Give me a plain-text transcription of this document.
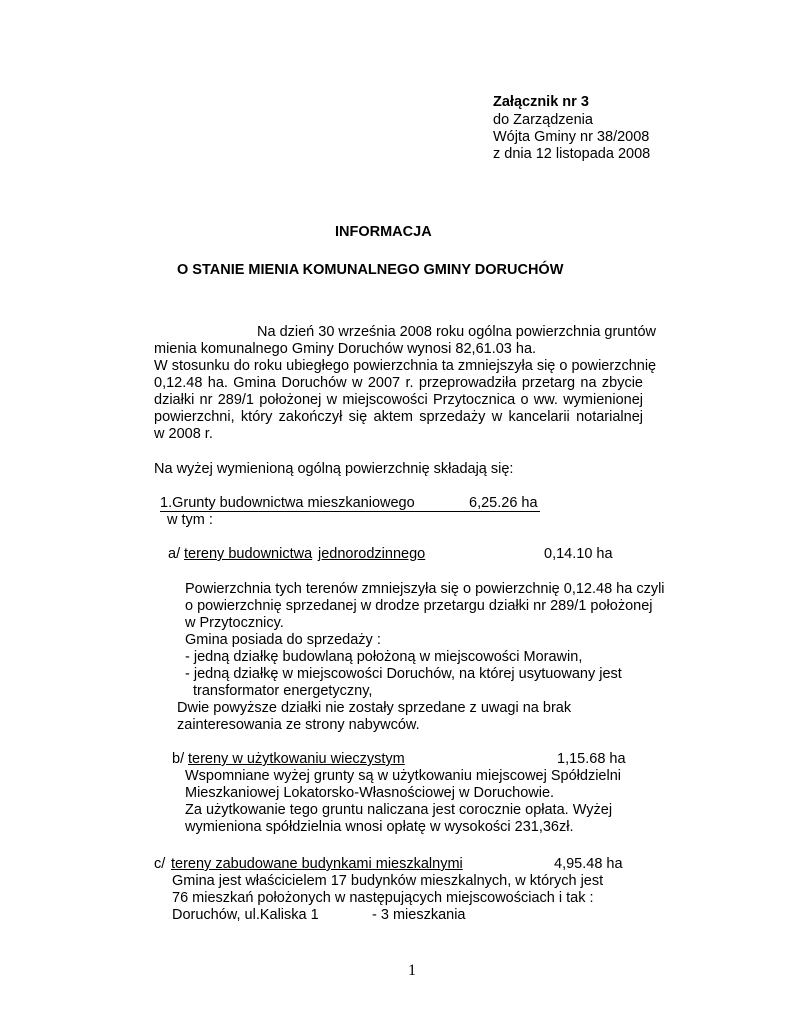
Załącznik nr 3
do Zarządzenia
Wójta Gminy nr 38/2008
z dnia 12 listopada 2008
INFORMACJA
O STANIE MIENIA KOMUNALNEGO GMINY DORUCHÓW
Na dzień 30 września 2008 roku ogólna powierzchnia gruntów
mienia komunalnego Gminy Doruchów wynosi 82,61.03 ha.
W stosunku do roku ubiegłego powierzchnia ta zmniejszyła się o powierzchnię
0,12.48 ha. Gmina Doruchów w 2007 r. przeprowadziła przetarg na zbycie
działki nr 289/1 położonej w miejscowości Przytocznica o ww. wymienionej
powierzchni, który zakończył się aktem sprzedaży w kancelarii notarialnej
w 2008 r.
Na wyżej wymienioną ogólną powierzchnię składają się:
1.Grunty budownictwa mieszkaniowego	6,25.26 ha
w tym :
a/ tereny budownictwa jednorodzinnego	0,14.10 ha
Powierzchnia tych terenów zmniejszyła się o powierzchnię 0,12.48 ha czyli
o powierzchnię sprzedanej w drodze przetargu działki nr 289/1 położonej
w Przytocznicy.
Gmina posiada do sprzedaży :
- jedną działkę budowlaną położoną w miejscowości Morawin,
- jedną działkę w miejscowości Doruchów, na której usytuowany jest
transformator energetyczny,
Dwie powyższe działki nie zostały sprzedane z uwagi na brak
zainteresowania ze strony nabywców.
b/ tereny w użytkowaniu wieczystym	1,15.68 ha
Wspomniane wyżej grunty są w użytkowaniu miejscowej Spółdzielni
Mieszkaniowej Lokatorsko-Własnościowej w Doruchowie.
Za użytkowanie tego gruntu naliczana jest corocznie opłata. Wyżej
wymieniona spółdzielnia wnosi opłatę w wysokości 231,36zł.
c/ tereny zabudowane budynkami mieszkalnymi	4,95.48 ha
Gmina jest właścicielem 17 budynków mieszkalnych, w których jest
76 mieszkań położonych w następujących miejscowościach i tak :
Doruchów, ul.Kaliska 1	- 3 mieszkania
1
